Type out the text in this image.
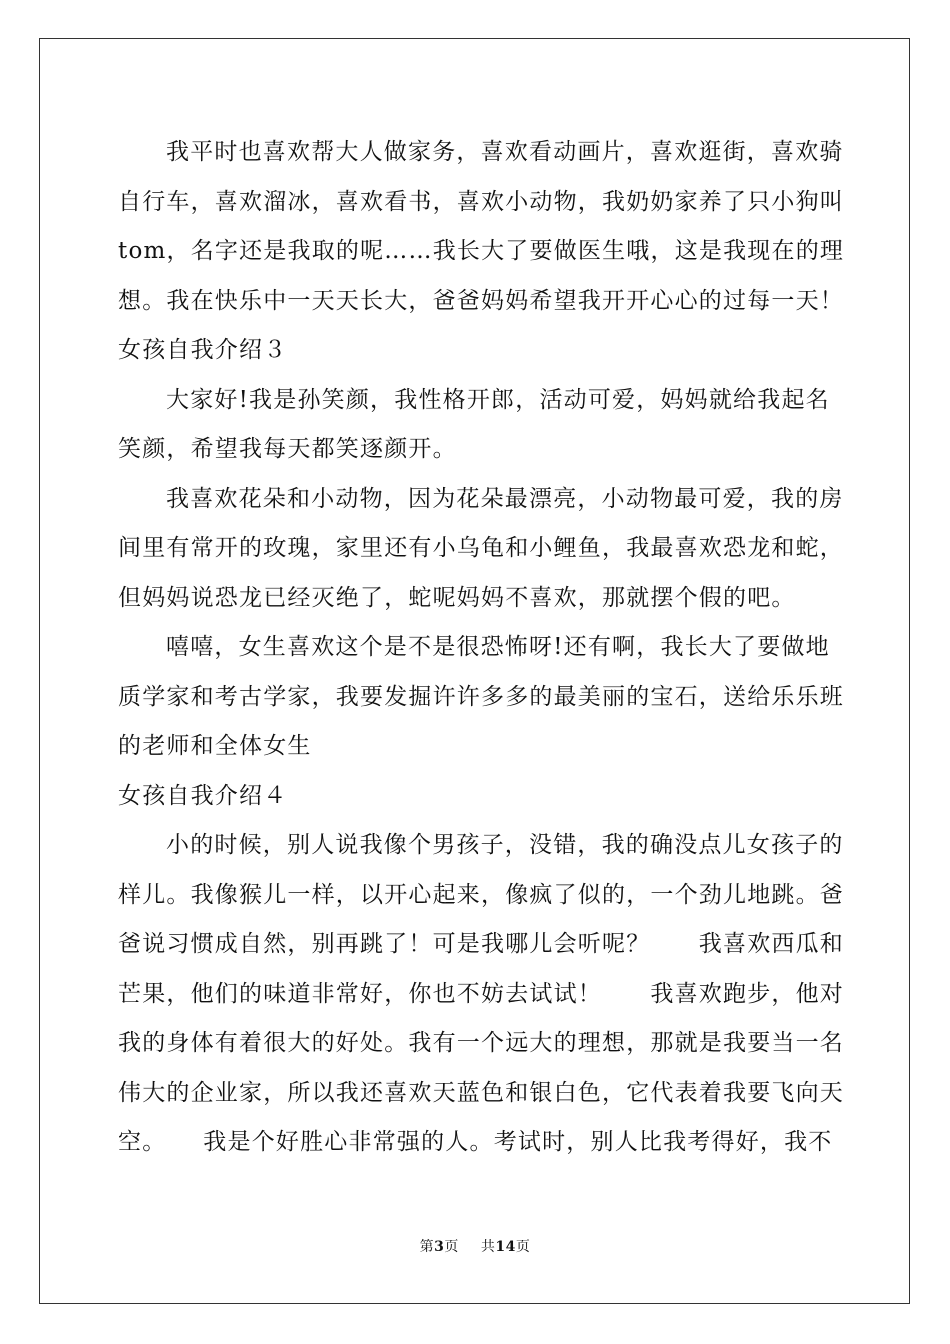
我平时也喜欢帮大人做家务，喜欢看动画片，喜欢逛街，喜欢骑
自行车，喜欢溜冰，喜欢看书，喜欢小动物，我奶奶家养了只小狗叫
tom，名字还是我取的呢……我长大了要做医生哦，这是我现在的理
想。我在快乐中一天天长大，爸爸妈妈希望我开开心心的过每一天！
女孩自我介绍３
大家好!我是孙笑颜，我性格开郎，活动可爱，妈妈就给我起名
笑颜，希望我每天都笑逐颜开。
我喜欢花朵和小动物，因为花朵最漂亮，小动物最可爱，我的房
间里有常开的玫瑰，家里还有小乌龟和小鲤鱼，我最喜欢恐龙和蛇，
但妈妈说恐龙已经灭绝了，蛇呢妈妈不喜欢，那就摆个假的吧。
嘻嘻，女生喜欢这个是不是很恐怖呀!还有啊，我长大了要做地
质学家和考古学家，我要发掘许许多多的最美丽的宝石，送给乐乐班
的老师和全体女生
女孩自我介绍４
小的时候，别人说我像个男孩子，没错，我的确没点儿女孩子的
样儿。我像猴儿一样，以开心起来，像疯了似的，一个劲儿地跳。爸
爸说习惯成自然，别再跳了！可是我哪儿会听呢？　　我喜欢西瓜和
芒果，他们的味道非常好，你也不妨去试试！　　我喜欢跑步，他对
我的身体有着很大的好处。我有一个远大的理想，那就是我要当一名
伟大的企业家，所以我还喜欢天蓝色和银白色，它代表着我要飞向天
空。　　我是个好胜心非常强的人。考试时，别人比我考得好，我不
第3页 共14页
